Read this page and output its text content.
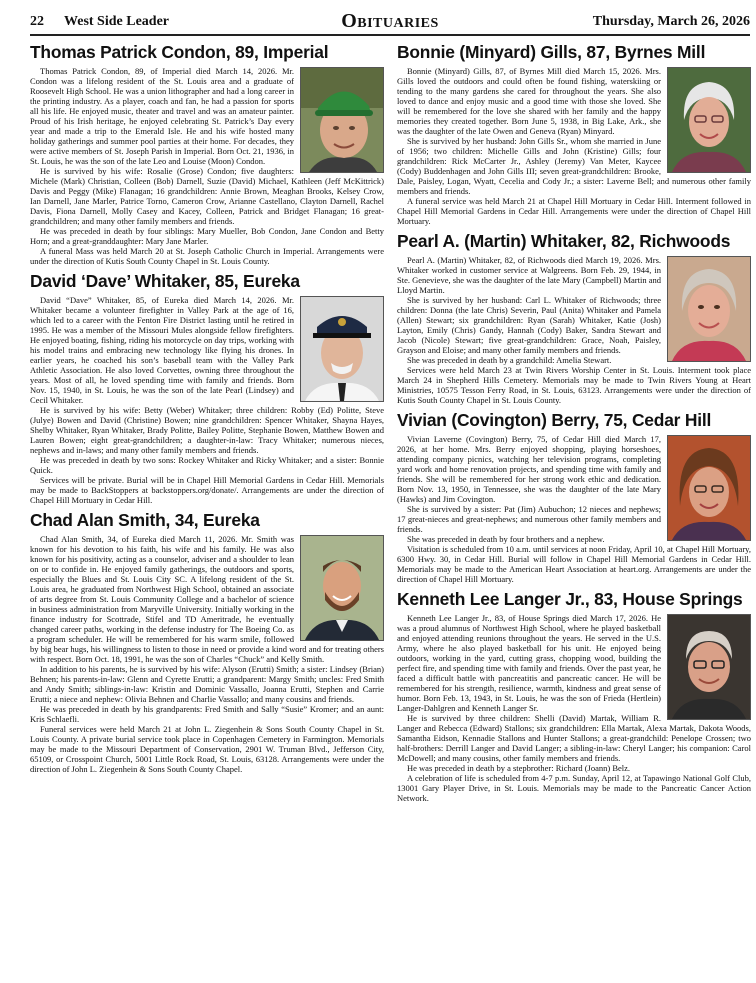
22 West Side Leader	Obituaries	Thursday, March 26, 2026
Thomas Patrick Condon, 89, Imperial

Thomas Patrick Condon, 89, of Imperial died March 14, 2026. Mr. Condon was a lifelong resident of the St. Louis area and a graduate of Roosevelt High School. He was a union lithographer and had a long career in the printing industry. As a player, coach and fan, he had a passion for sports all his life. He enjoyed music, theater and travel and was an amateur painter. Proud of his Irish heritage, he enjoyed celebrating St. Patrick’s Day every year and made a trip to the Emerald Isle. He and his wife hosted many holiday gatherings and summer pool parties at their home. For decades, they were active members of St. Joseph Parish in Imperial. Born Oct. 21, 1936, in St. Louis, he was the son of the late Leo and Louise (Moon) Condon.

He is survived by his wife: Rosalie (Grose) Condon; five daughters: Michele (Mark) Christian, Colleen (Bob) Darnell, Suzie (David) Michael, Kathleen (Jeff McKittrick) Davis and Peggy (Mike) Flanagan; 16 grandchildren: Annie Brown, Meaghan Brooks, Kelsey Crow, Ian Darnell, Jane Marler, Patrice Torno, Cameron Crow, Arianne Castellano, Clayton Darnell, Rachel Davis, Fiona Darnell, Molly Casey and Kacey, Colleen, Patrick and Bridget Flanagan; 16 great-grandchildren; and many other family members and friends.

He was preceded in death by four siblings: Mary Mueller, Bob Condon, Jane Condon and Betty Horn; and a great-granddaughter: Mary Jane Marler.

A funeral Mass was held March 20 at St. Joseph Catholic Church in Imperial. Arrangements were under the direction of Kutis South County Chapel in St. Louis County.

David ‘Dave’ Whitaker, 85, Eureka

David “Dave” Whitaker, 85, of Eureka died March 14, 2026. Mr. Whitaker became a volunteer firefighter in Valley Park at the age of 16, which led to a career with the Fenton Fire District lasting until he retired in 1995. He was a member of the Missouri Mules alongside fellow firefighters. He enjoyed boating, fishing, riding his motorcycle on day trips, working with his model trains and embracing new technology like flying his drones. In earlier years, he coached his son’s baseball team with the Valley Park Athletic Association. He also loved Corvettes, owning three throughout the years. Most of all, he loved spending time with family and friends. Born Nov. 15, 1940, in St. Louis, he was the son of the late Pearl (Lindsey) and Cecil Whitaker.

He is survived by his wife: Betty (Weber) Whitaker; three children: Robby (Ed) Politte, Steve (Julye) Bowen and David (Christine) Bowen; nine grandchildren: Spencer Whitaker, Shayna Hayes, Shelby Whitaker, Ryan Whitaker, Brady Politte, Bailey Politte, Stephanie Bowen, Matthew Bowen and Lauren Bowen; eight great-grandchildren; a daughter-in-law: Tracy Whitaker; numerous nieces, nephews and in-laws; and many other family members and friends.

He was preceded in death by two sons: Rockey Whitaker and Ricky Whitaker; and a sister: Bonnie Quick.

Services will be private. Burial will be in Chapel Hill Memorial Gardens in Cedar Hill. Memorials may be made to BackStoppers at backstoppers.org/donate/. Arrangements are under the direction of Chapel Hill Mortuary in Cedar Hill.

Chad Alan Smith, 34, Eureka

Chad Alan Smith, 34, of Eureka died March 11, 2026. Mr. Smith was known for his devotion to his faith, his wife and his family. He was also known for his positivity, acting as a counselor, adviser and a shoulder to lean on or to confide in. He enjoyed family gatherings, the outdoors and sports, especially the Blues and St. Louis City SC. A lifelong resident of the St. Louis area, he graduated from Northwest High School, obtained an associate of arts degree from St. Louis Community College and a bachelor of science in business administration from Maryville University. Initially working in the finance industry for Scottrade, Stifel and TD Ameritrade, he eventually changed career paths, working in the defense industry for The Boeing Co. as a program scheduler. He will be remembered for his warm smile, followed by big bear hugs, his willingness to listen to those in need or provide a kind word and for treating others with respect. Born Oct. 18, 1991, he was the son of Charles “Chuck” and Kelly Smith.

In addition to his parents, he is survived by his wife: Alyson (Erutti) Smith; a sister: Lindsey (Brian) Behnen; his parents-in-law: Glenn and Cyrette Erutti; a grandparent: Margy Smith; uncles: Fred Smith and Andy Smith; siblings-in-law: Kristin and Dominic Vassallo, Joanna Erutti, Stephen and Carrie Erutti; a niece and nephew: Olivia Behnen and Charlie Vassallo; and many cousins and friends.

He was preceded in death by his grandparents: Fred Smith and Sally “Susie” Kromer; and an aunt: Kris Schlaefli.

Funeral services were held March 21 at John L. Ziegenhein & Sons South County Chapel in St. Louis County. A private burial service took place in Copenhagen Cemetery in Farmington. Memorials may be made to the Missouri Department of Conservation, 2901 W. Truman Blvd., Jefferson City, 65109, or Crosspoint Church, 5001 Little Rock Road, St. Louis, 63128. Arrangements were under the direction of John L. Ziegenhein & Sons South County Chapel.

Bonnie (Minyard) Gills, 87, Byrnes Mill

Bonnie (Minyard) Gills, 87, of Byrnes Mill died March 15, 2026. Mrs. Gills loved the outdoors and could often be found fishing, waterskiing or tending to the many gardens she cared for throughout the years. She also loved to dance and enjoy music and a good time with those she loved. She will be remembered for the love she shared with her family and the happy memories they created together. Born June 5, 1938, in Big Lake, Ark., she was the daughter of the late Owen and Geneva (Ryan) Minyard.

She is survived by her husband: John Gills Sr., whom she married in June of 1956; two children: Michelle Gills and John (Kristine) Gills; four grandchildren: Rick McCarter Jr., Ashley (Jeremy) Van Meter, Kaycee (Cody) Buddenhagen and John Gills III; seven great-grandchildren: Brooke, Dale, Paisley, Logan, Wyatt, Cecelia and Cody Jr.; a sister: Laverne Bell; and numerous other family members and friends.

A funeral service was held March 21 at Chapel Hill Mortuary in Cedar Hill. Interment followed in Chapel Hill Memorial Gardens in Cedar Hill. Arrangements were under the direction of Chapel Hill Mortuary.

Pearl A. (Martin) Whitaker, 82, Richwoods

Pearl A. (Martin) Whitaker, 82, of Richwoods died March 19, 2026. Mrs. Whitaker worked in customer service at Walgreens. Born Feb. 29, 1944, in Ste. Genevieve, she was the daughter of the late Mary (Campbell) Martin and Lloyd Martin.

She is survived by her husband: Carl L. Whitaker of Richwoods; three children: Donna (the late Chris) Severin, Paul (Anita) Whitaker and Pamela (Allen) Stewart; six grandchildren: Ryan (Sarah) Whitaker, Katie (Josh) Layton, Emily (Chris) Gandy, Hannah (Cody) Baker, Sandra Stewart and Jacob (Nicole) Stewart; five great-grandchildren: Grace, Noah, Paisley, Grayson and Eloise; and many other family members and friends.

She was preceded in death by a grandchild: Amelia Stewart.

Services were held March 23 at Twin Rivers Worship Center in St. Louis. Interment took place March 24 in Shepherd Hills Cemetery. Memorials may be made to Twin Rivers Young at Heart Ministries, 10575 Tesson Ferry Road, in St. Louis, 63123. Arrangements were under the direction of Kutis South County Chapel in St. Louis County.

Vivian (Covington) Berry, 75, Cedar Hill

Vivian Laverne (Covington) Berry, 75, of Cedar Hill died March 17, 2026, at her home. Mrs. Berry enjoyed shopping, playing horseshoes, attending company picnics, watching her television programs, completing yard work and home renovation projects, and spending time with family and friends. She will be remembered for her strong work ethic and dedication. Born Nov. 13, 1950, in Tennessee, she was the daughter of the late Mary (Hawks) and Jim Covington.

She is survived by a sister: Pat (Jim) Aubuchon; 12 nieces and nephews; 17 great-nieces and great-nephews; and numerous other family members and friends.

She was preceded in death by four brothers and a nephew.

Visitation is scheduled from 10 a.m. until services at noon Friday, April 10, at Chapel Hill Mortuary, 6300 Hwy. 30, in Cedar Hill. Burial will follow in Chapel Hill Memorial Gardens in Cedar Hill. Memorials may be made to the American Heart Association at heart.org. Arrangements are under the direction of Chapel Hill Mortuary.

Kenneth Lee Langer Jr., 83, House Springs

Kenneth Lee Langer Jr., 83, of House Springs died March 17, 2026. He was a proud alumnus of Northwest High School, where he played basketball and enjoyed attending reunions throughout the years. He served in the U.S. Army, where he also played basketball for his unit. He enjoyed being outdoors, working in the yard, cutting grass, chopping wood, building the perfect fire, and spending time with family and friends. Over the past year, he faced a difficult battle with pancreatitis and pancreatic cancer. He will be remembered for his strength, resilience, warmth, kindness and great sense of humor. Born Feb. 13, 1943, in St. Louis, he was the son of Frieda (Hertlein) Langer-Dahlgren and Kenneth Langer Sr.

He is survived by three children: Shelli (David) Martak, William R. Langer and Rebecca (Edward) Stallons; six grandchildren: Ella Martak, Alexa Martak, Dakota Woods, Samantha Eidson, Kennadie Stallons and Hunter Stallons; a great-grandchild: Penelope Crossen; two half-brothers: Derrill Langer and David Langer; a sibling-in-law: Cheryl Langer; his companion: Carol McDowell; and many cousins, other family members and friends.

He was preceded in death by a stepbrother: Richard (Joann) Belz.

A celebration of life is scheduled from 4-7 p.m. Sunday, April 12, at Tapawingo National Golf Club, 13001 Gary Player Drive, in St. Louis. Memorials may be made to the Pancreatic Cancer Action Network.
